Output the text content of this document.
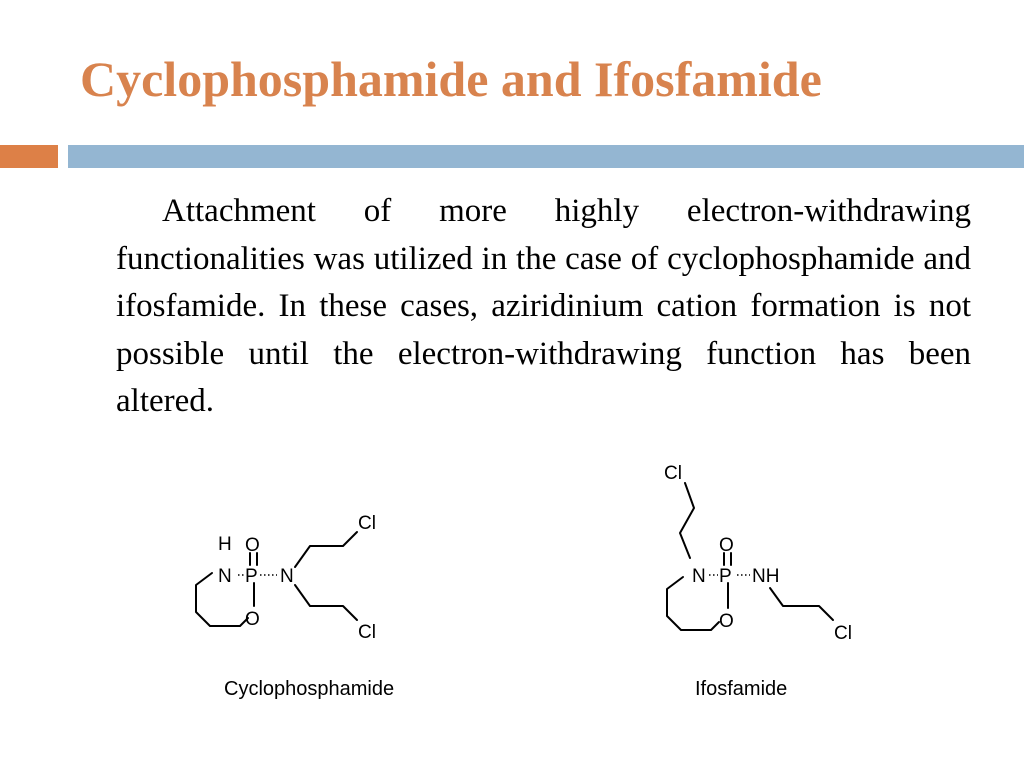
Cyclophosphamide and Ifosfamide

Attachment of more highly electron-withdrawing functionalities was utilized in the case of cyclophosphamide and ifosfamide. In these cases, aziridinium cation formation is not possible until the electron-withdrawing function has been altered.

H
N P
O
O
N
Cl
Cl
Cyclophosphamide
Cl
N P
O
O
NH
Cl
Ifosfamide
